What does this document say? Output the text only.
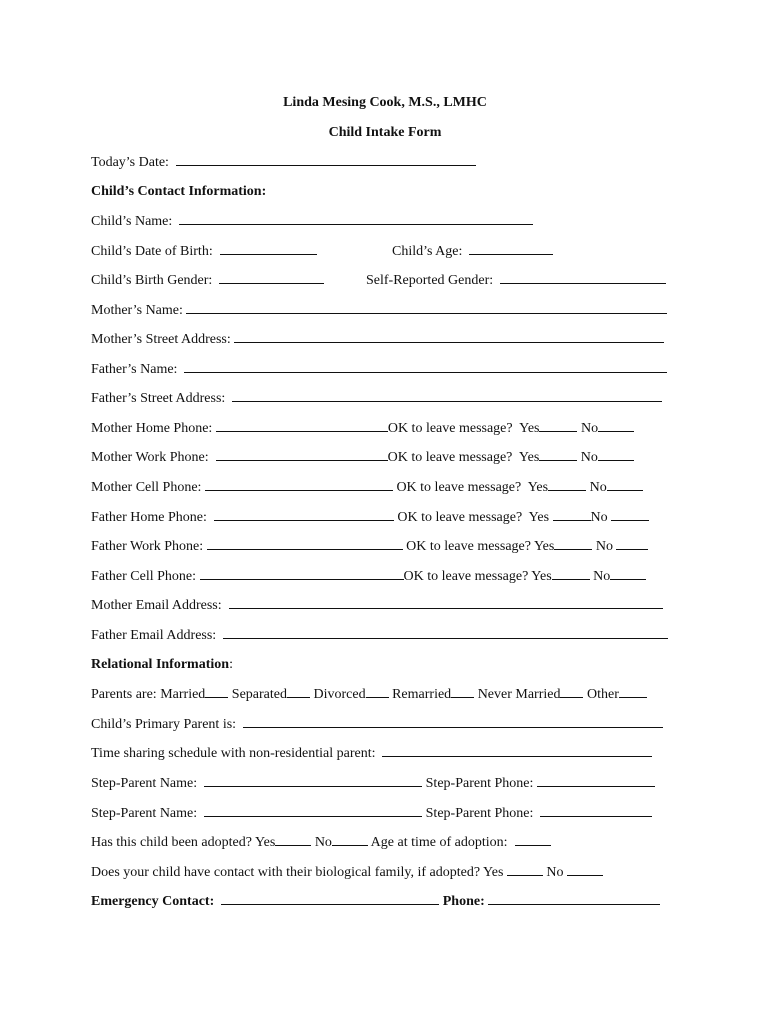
Linda Mesing Cook, M.S., LMHC
Child Intake Form
Today’s Date:
Child’s Contact Information:
Child’s Name:
Child’s Date of Birth:	Child’s Age:
Child’s Birth Gender:	Self-Reported Gender:
Mother’s Name:
Mother’s Street Address:
Father’s Name:
Father’s Street Address:
Mother Home Phone:	OK to leave message? Yes	No
Mother Work Phone:	OK to leave message? Yes	No
Mother Cell Phone:	OK to leave message? Yes	No
Father Home Phone:	OK to leave message? Yes	No
Father Work Phone:	OK to leave message? Yes	No
Father Cell Phone:	OK to leave message? Yes	No
Mother Email Address:
Father Email Address:
Relational Information:
Parents are: Married Separated Divorced Remarried Never Married Other
Child’s Primary Parent is:
Time sharing schedule with non-residential parent:
Step-Parent Name:	Step-Parent Phone:
Step-Parent Name:	Step-Parent Phone:
Has this child been adopted? Yes	No	Age at time of adoption:
Does your child have contact with their biological family, if adopted? Yes	No
Emergency Contact:	Phone:
